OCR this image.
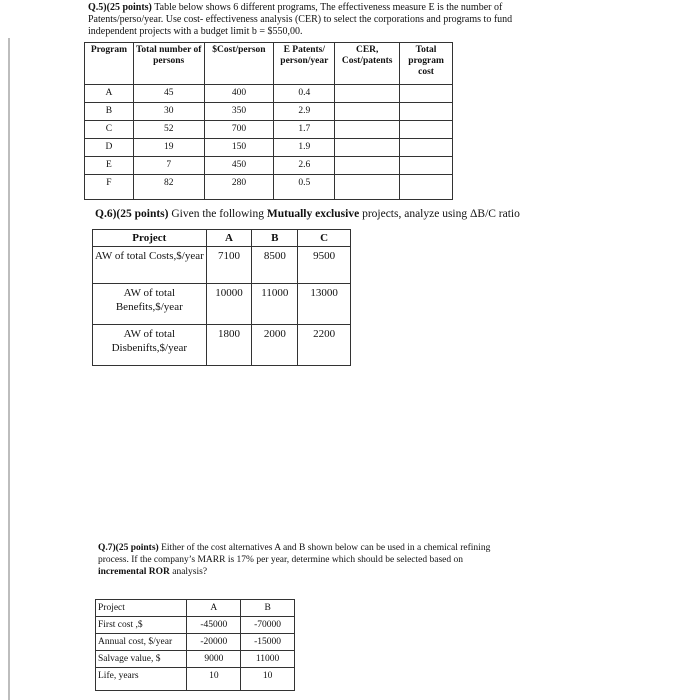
Q.5)(25 points) Table below shows 6 different programs, The effectiveness measure E is the number of

Patents/perso/year. Use cost- effectiveness analysis (CER) to select the corporations and programs to fund

independent projects with a budget limit b = $550,00.

Program	Total number of persons	$Cost/person	E Patents/ person/year	CER, Cost/patents	Total program cost
A	45	400	0.4		
B	30	350	2.9		
C	52	700	1.7		
D	19	150	1.9		
E	7	450	2.6		
F	82	280	0.5		
Q.6)(25 points) Given the following Mutually exclusive projects, analyze using ΔB/C ratio
Project	A	B	C
AW of total Costs,$/year	7100	8500	9500
AW of total Benefits,$/year	10000	11000	13000
AW of total Disbenifts,$/year	1800	2000	2200

Q.7)(25 points) Either of the cost alternatives A and B shown below can be used in a chemical refining

process. If the company’s MARR is 17% per year, determine which should be selected based on

incremental ROR analysis?

Project	A	B
First cost ,$	-45000	-70000
Annual cost, $/year	-20000	-15000
Salvage value, $	9000	11000
Life, years	10	10
